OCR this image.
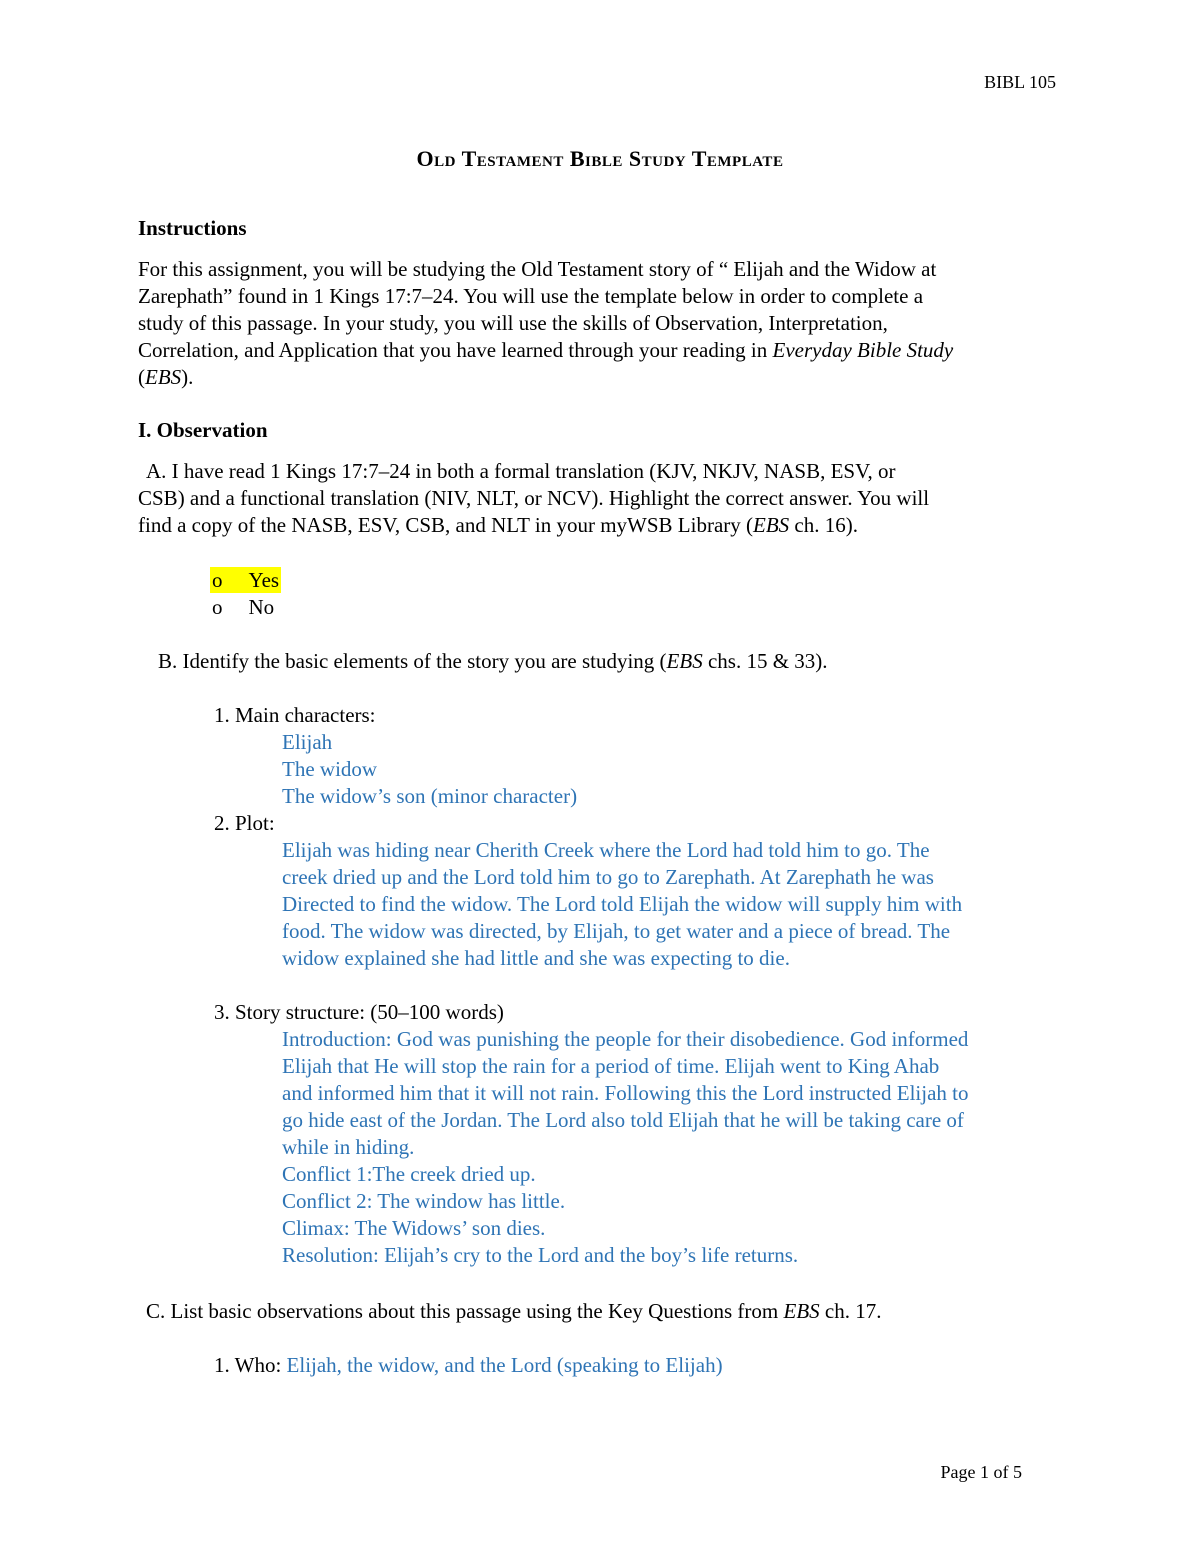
BIBL 105
Old Testament Bible Study Template
Instructions
For this assignment, you will be studying the Old Testament story of “ Elijah and the Widow at
Zarephath” found in 1 Kings 17:7–24. You will use the template below in order to complete a
study of this passage. In your study, you will use the skills of Observation, Interpretation,
Correlation, and Application that you have learned through your reading in Everyday Bible Study
(EBS).
I. Observation
A. I have read 1 Kings 17:7–24 in both a formal translation (KJV, NKJV, NASB, ESV, or
CSB) and a functional translation (NIV, NLT, or NCV). Highlight the correct answer. You will
find a copy of the NASB, ESV, CSB, and NLT in your myWSB Library (EBS ch. 16).
o Yes
o No
B. Identify the basic elements of the story you are studying (EBS chs. 15 & 33).
1. Main characters:
Elijah
The widow
The widow’s son (minor character)
2. Plot:
Elijah was hiding near Cherith Creek where the Lord had told him to go. The
creek dried up and the Lord told him to go to Zarephath. At Zarephath he was
Directed to find the widow. The Lord told Elijah the widow will supply him with
food. The widow was directed, by Elijah, to get water and a piece of bread. The
widow explained she had little and she was expecting to die.
3. Story structure: (50–100 words)
Introduction: God was punishing the people for their disobedience. God informed
Elijah that He will stop the rain for a period of time. Elijah went to King Ahab
and informed him that it will not rain. Following this the Lord instructed Elijah to
go hide east of the Jordan. The Lord also told Elijah that he will be taking care of
while in hiding.
Conflict 1:The creek dried up.
Conflict 2: The window has little.
Climax: The Widows’ son dies.
Resolution: Elijah’s cry to the Lord and the boy’s life returns.
C. List basic observations about this passage using the Key Questions from EBS ch. 17.
1. Who: Elijah, the widow, and the Lord (speaking to Elijah)
Page 1 of 5
